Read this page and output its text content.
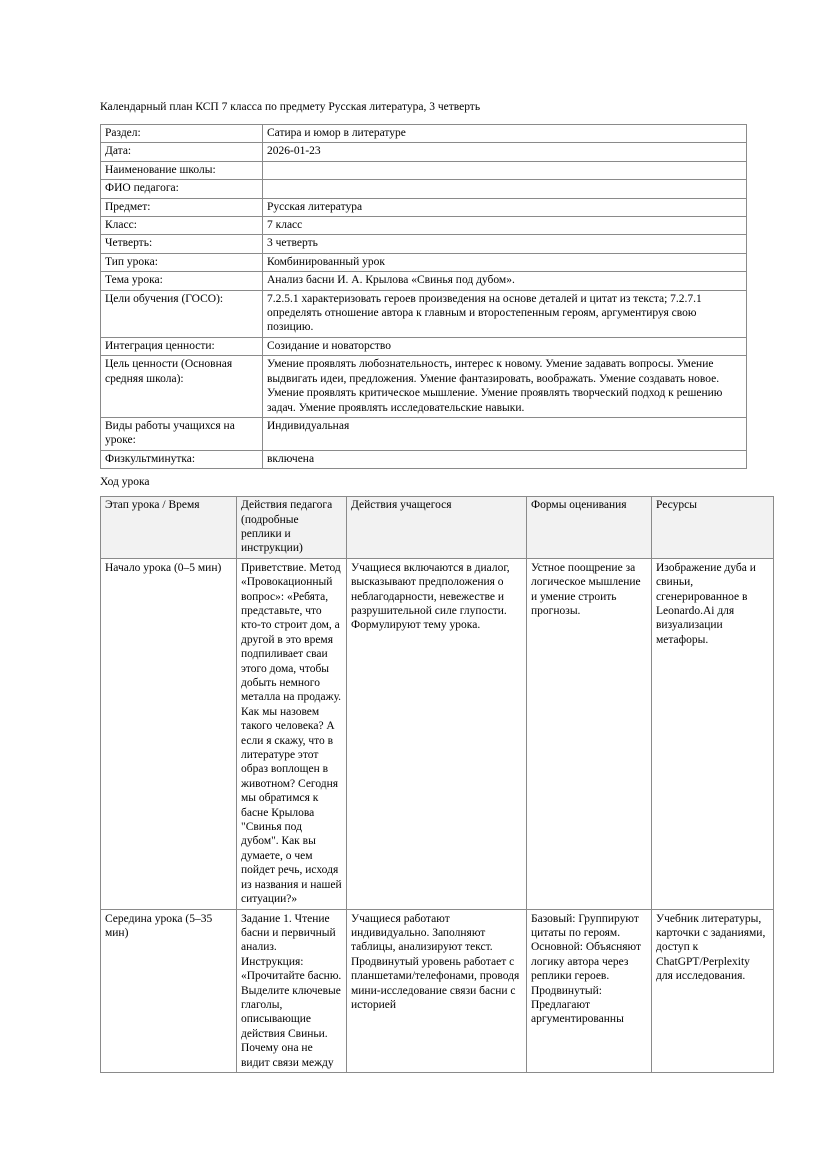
Календарный план КСП 7 класса по предмету Русская литература, 3 четверть
Раздел:	Сатира и юмор в литературе
Дата:	2026-01-23
Наименование школы:	
ФИО педагога:	
Предмет:	Русская литература
Класс:	7 класс
Четверть:	3 четверть
Тип урока:	Комбинированный урок
Тема урока:	Анализ басни И. А. Крылова «Свинья под дубом».
Цели обучения (ГОСО):	7.2.5.1 характеризовать героев произведения на основе деталей и цитат из текста; 7.2.7.1 определять отношение автора к главным и второстепенным героям, аргументируя свою позицию.
Интеграция ценности:	Созидание и новаторство
Цель ценности (Основная средняя школа):	Умение проявлять любознательность, интерес к новому. Умение задавать вопросы. Умение выдвигать идеи, предложения. Умение фантазировать, воображать. Умение создавать новое. Умение проявлять критическое мышление. Умение проявлять творческий подход к решению задач. Умение проявлять исследовательские навыки.
Виды работы учащихся на уроке:	Индивидуальная
Физкультминутка:	включена
Ход урока
Этап урока / Время	Действия педагога (подробные реплики и инструкции)	Действия учащегося	Формы оценивания	Ресурсы
Начало урока (0–5 мин)	Приветствие. Метод «Провокационный вопрос»: «Ребята, представьте, что кто-то строит дом, а другой в это время подпиливает сваи этого дома, чтобы добыть немного металла на продажу. Как мы назовем такого человека? А если я скажу, что в литературе этот образ воплощен в животном? Сегодня мы обратимся к басне Крылова "Свинья под дубом". Как вы думаете, о чем пойдет речь, исходя из названия и нашей ситуации?»	Учащиеся включаются в диалог, высказывают предположения о неблагодарности, невежестве и разрушительной силе глупости. Формулируют тему урока.	Устное поощрение за логическое мышление и умение строить прогнозы.	Изображение дуба и свиньи, сгенерированное в Leonardo.Ai для визуализации метафоры.
Середина урока (5–35 мин)	Задание 1. Чтение басни и первичный анализ. Инструкция: «Прочитайте басню. Выделите ключевые глаголы, описывающие действия Свиньи. Почему она не видит связи между	Учащиеся работают индивидуально. Заполняют таблицы, анализируют текст. Продвинутый уровень работает с планшетами/телефонами, проводя мини-исследование связи басни с историей	Базовый: Группируют цитаты по героям. Основной: Объясняют логику автора через реплики героев. Продвинутый: Предлагают аргументированны	Учебник литературы, карточки с заданиями, доступ к ChatGPT/Perplexity для исследования.
